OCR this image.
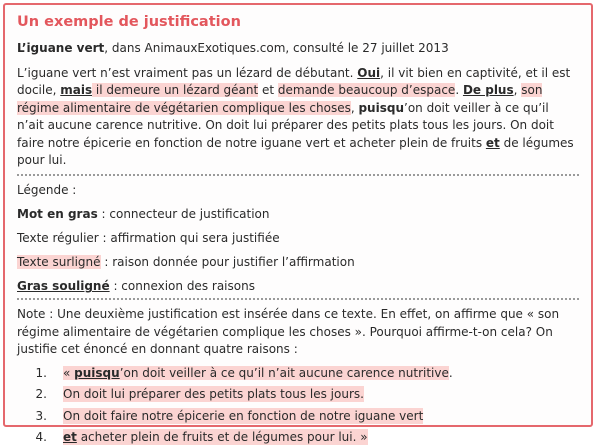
Un exemple de justification
L’iguane vert, dans AnimauxExotiques.com, consulté le 27 juillet 2013
L’iguane vert n’est vraiment pas un lézard de débutant. Oui, il vit bien en captivité, et il est docile, mais il demeure un lézard géant et demande beaucoup d’espace. De plus, son régime alimentaire de végétarien complique les choses, puisqu’on doit veiller à ce qu’il n’ait aucune carence nutritive. On doit lui préparer des petits plats tous les jours. On doit faire notre épicerie en fonction de notre iguane vert et acheter plein de fruits et de légumes pour lui.
Légende :
Mot en gras : connecteur de justification
Texte régulier : affirmation qui sera justifiée
Texte surligné : raison donnée pour justifier l’affirmation
Gras souligné : connexion des raisons
Note : Une deuxième justification est insérée dans ce texte. En effet, on affirme que « son régime alimentaire de végétarien complique les choses ». Pourquoi affirme-t-on cela? On justifie cet énoncé en donnant quatre raisons :
1.	« puisqu’on doit veiller à ce qu’il n’ait aucune carence nutritive.
2.	On doit lui préparer des petits plats tous les jours.
3.	On doit faire notre épicerie en fonction de notre iguane vert
4.	et acheter plein de fruits et de légumes pour lui. »
